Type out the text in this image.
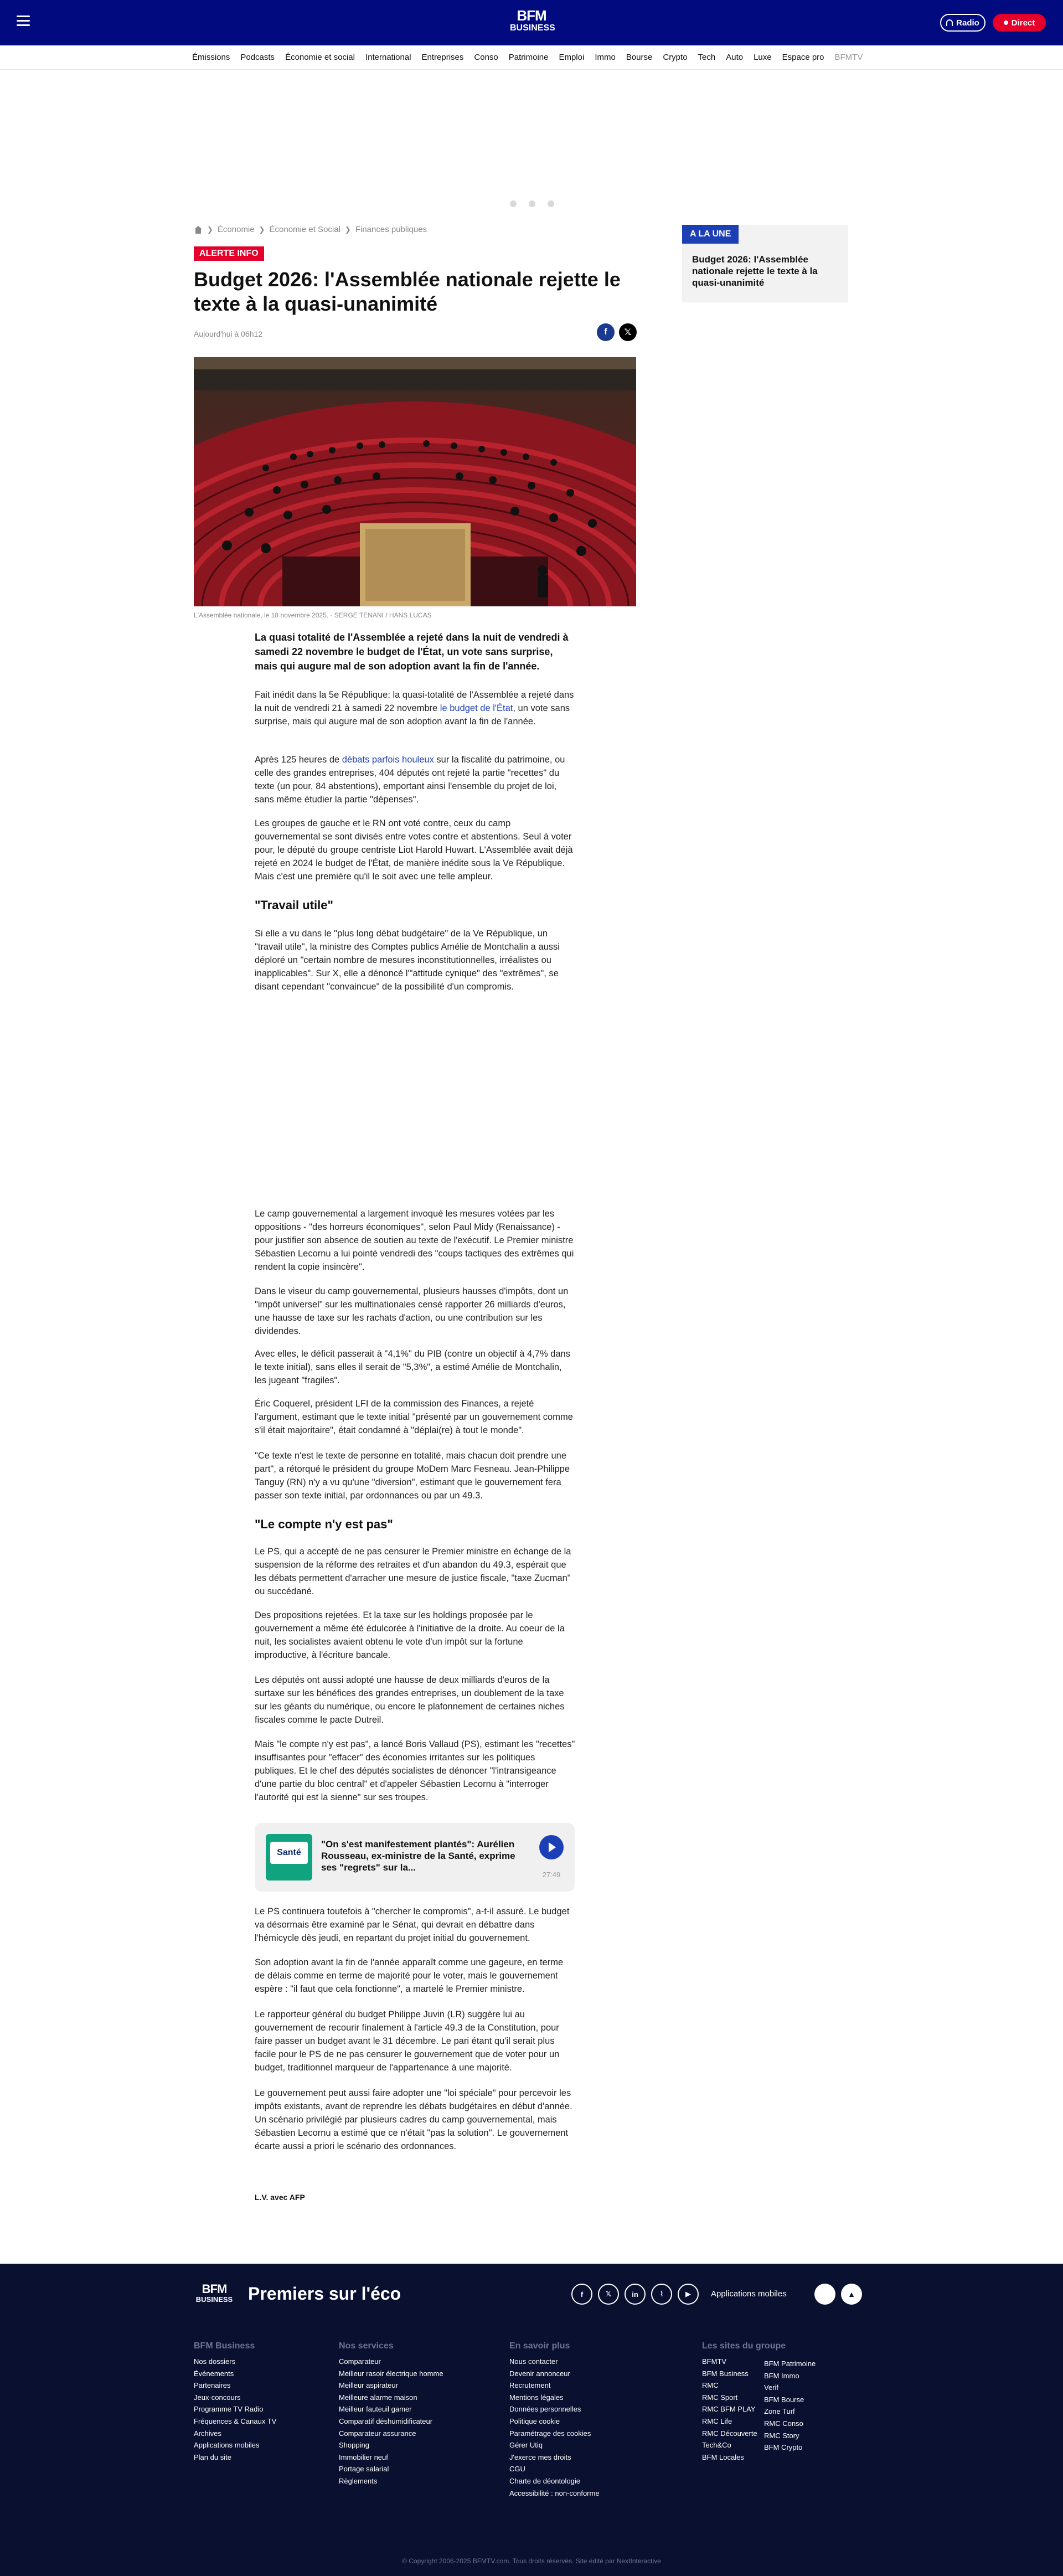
BFM
BUSINESS
Radio	Direct
Émissions Podcasts Économie et social International Entreprises Conso Patrimoine Emploi Immo Bourse Crypto Tech Auto Luxe Espace pro BFMTV
❯ Économie ❯ Économie et Social ❯ Finances publiques
ALERTE INFO
Budget 2026: l'Assemblée nationale rejette le texte à la quasi-unanimité
Aujourd'hui à 06h12	f	𝕏
L'Assemblée nationale, le 18 novembre 2025. - SERGE TENANI / HANS LUCAS
A LA UNE
Budget 2026: l'Assemblée nationale rejette le texte à la quasi-unanimité
La quasi totalité de l'Assemblée a rejeté dans la nuit de vendredi à samedi 22 novembre le budget de l'État, un vote sans surprise, mais qui augure mal de son adoption avant la fin de l'année.

Fait inédit dans la 5e République: la quasi-totalité de l'Assemblée a rejeté dans la nuit de vendredi 21 à samedi 22 novembre le budget de l'État, un vote sans surprise, mais qui augure mal de son adoption avant la fin de l'année.

Après 125 heures de débats parfois houleux sur la fiscalité du patrimoine, ou celle des grandes entreprises, 404 députés ont rejeté la partie "recettes" du texte (un pour, 84 abstentions), emportant ainsi l'ensemble du projet de loi, sans même étudier la partie "dépenses".

Les groupes de gauche et le RN ont voté contre, ceux du camp gouvernemental se sont divisés entre votes contre et abstentions. Seul à voter pour, le député du groupe centriste Liot Harold Huwart. L'Assemblée avait déjà rejeté en 2024 le budget de l'État, de manière inédite sous la Ve République. Mais c'est une première qu'il le soit avec une telle ampleur.
"Travail utile"
Si elle a vu dans le "plus long débat budgétaire" de la Ve République, un "travail utile", la ministre des Comptes publics Amélie de Montchalin a aussi déploré un "certain nombre de mesures inconstitutionnelles, irréalistes ou inapplicables". Sur X, elle a dénoncé l'"attitude cynique" des "extrêmes", se disant cependant "convaincue" de la possibilité d'un compromis.
Le camp gouvernemental a largement invoqué les mesures votées par les oppositions - "des horreurs économiques", selon Paul Midy (Renaissance) - pour justifier son absence de soutien au texte de l'exécutif. Le Premier ministre Sébastien Lecornu a lui pointé vendredi des "coups tactiques des extrêmes qui rendent la copie insincère".
Dans le viseur du camp gouvernemental, plusieurs hausses d'impôts, dont un "impôt universel" sur les multinationales censé rapporter 26 milliards d'euros, une hausse de taxe sur les rachats d'action, ou une contribution sur les dividendes.
Avec elles, le déficit passerait à "4,1%" du PIB (contre un objectif à 4,7% dans le texte initial), sans elles il serait de "5,3%", a estimé Amélie de Montchalin, les jugeant "fragiles".
Éric Coquerel, président LFI de la commission des Finances, a rejeté l'argument, estimant que le texte initial "présenté par un gouvernement comme s'il était majoritaire", était condamné à "déplai(re) à tout le monde".
"Ce texte n'est le texte de personne en totalité, mais chacun doit prendre une part", a rétorqué le président du groupe MoDem Marc Fesneau. Jean-Philippe Tanguy (RN) n'y a vu qu'une "diversion", estimant que le gouvernement fera passer son texte initial, par ordonnances ou par un 49.3.
"Le compte n'y est pas"
Le PS, qui a accepté de ne pas censurer le Premier ministre en échange de la suspension de la réforme des retraites et d'un abandon du 49.3, espérait que les débats permettent d'arracher une mesure de justice fiscale, "taxe Zucman" ou succédané.
Des propositions rejetées. Et la taxe sur les holdings proposée par le gouvernement a même été édulcorée à l'initiative de la droite. Au coeur de la nuit, les socialistes avaient obtenu le vote d'un impôt sur la fortune improductive, à l'écriture bancale.
Les députés ont aussi adopté une hausse de deux milliards d'euros de la surtaxe sur les bénéfices des grandes entreprises, un doublement de la taxe sur les géants du numérique, ou encore le plafonnement de certaines niches fiscales comme le pacte Dutreil.
Mais "le compte n'y est pas", a lancé Boris Vallaud (PS), estimant les "recettes" insuffisantes pour "effacer" des économies irritantes sur les politiques publiques. Et le chef des députés socialistes de dénoncer "l'intransigeance d'une partie du bloc central" et d'appeler Sébastien Lecornu à "interroger l'autorité qui est la sienne" sur ses troupes.
Santé
"On s'est manifestement plantés": Aurélien Rousseau, ex-ministre de la Santé, exprime ses "regrets" sur la...
27:49
Le PS continuera toutefois à "chercher le compromis", a-t-il assuré. Le budget va désormais être examiné par le Sénat, qui devrait en débattre dans l'hémicycle dès jeudi, en repartant du projet initial du gouvernement.
Son adoption avant la fin de l'année apparaît comme une gageure, en terme de délais comme en terme de majorité pour le voter, mais le gouvernement espère : "il faut que cela fonctionne", a martelé le Premier ministre.
Le rapporteur général du budget Philippe Juvin (LR) suggère lui au gouvernement de recourir finalement à l'article 49.3 de la Constitution, pour faire passer un budget avant le 31 décembre. Le pari étant qu'il serait plus facile pour le PS de ne pas censurer le gouvernement que de voter pour un budget, traditionnel marqueur de l'appartenance à une majorité.
Le gouvernement peut aussi faire adopter une "loi spéciale" pour percevoir les impôts existants, avant de reprendre les débats budgétaires en début d'année. Un scénario privilégié par plusieurs cadres du camp gouvernemental, mais Sébastien Lecornu a estimé que ce n'était "pas la solution". Le gouvernement écarte aussi a priori le scénario des ordonnances.
L.V. avec AFP
BFM
BUSINESS Premiers sur l'éco	f	𝕏	in	⌇	▶	Applications mobiles	▲
BFM Business
Nos dossiers
Événements
Partenaires
Jeux-concours
Programme TV Radio
Fréquences & Canaux TV
Archives
Applications mobiles
Plan du site
Nos services
Comparateur
Meilleur rasoir électrique homme
Meilleur aspirateur
Meilleure alarme maison
Meilleur fauteuil gamer
Comparatif déshumidificateur
Comparateur assurance
Shopping
Immobilier neuf
Portage salarial
Règlements
En savoir plus
Nous contacter
Devenir annonceur
Recrutement
Mentions légales
Données personnelles
Politique cookie
Paramétrage des cookies
Gérer Utiq
J'exerce mes droits
CGU
Charte de déontologie
Accessibilité : non-conforme
Les sites du groupe
BFMTV
BFM Business
RMC
RMC Sport
RMC BFM PLAY
RMC Life
RMC Découverte
Tech&Co
BFM Locales
BFM Patrimoine
BFM Immo
Verif
BFM Bourse
Zone Turf
RMC Conso
RMC Story
BFM Crypto
© Copyright 2006-2025 BFMTV.com. Tous droits réservés. Site édité par NextInteractive
